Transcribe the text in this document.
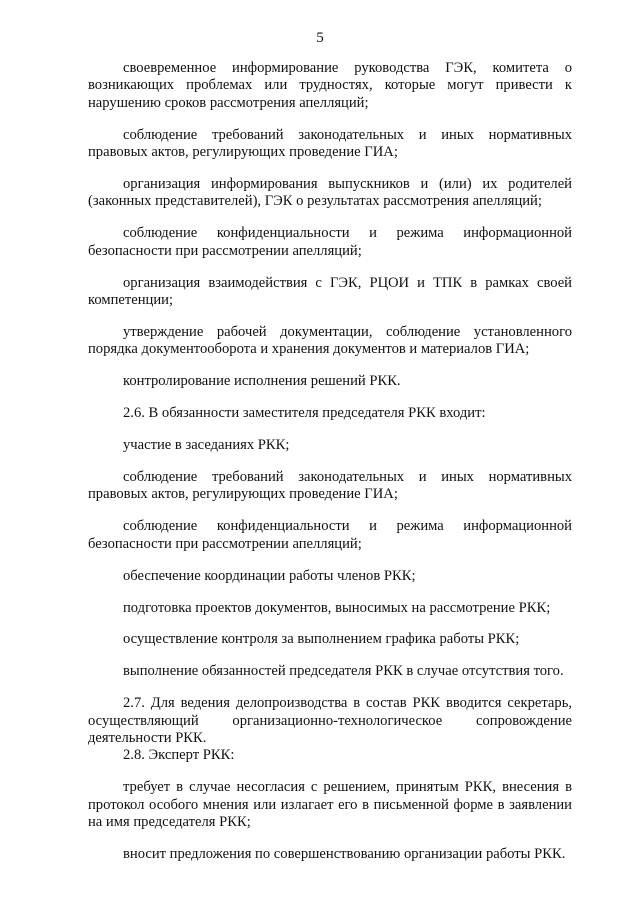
5

своевременное информирование руководства ГЭК, комитета о возникающих проблемах или трудностях, которые могут привести к нарушению сроков рассмотрения апелляций;

соблюдение требований законодательных и иных нормативных правовых актов, регулирующих проведение ГИА;

организация информирования выпускников и (или) их родителей (законных представителей), ГЭК о результатах рассмотрения апелляций;

соблюдение конфиденциальности и режима информационной безопасности при рассмотрении апелляций;

организация взаимодействия с ГЭК, РЦОИ и ТПК в рамках своей компетенции;

утверждение рабочей документации, соблюдение установленного порядка документооборота и хранения документов и материалов ГИА;

контролирование исполнения решений РКК.

2.6. В обязанности заместителя председателя РКК входит:

участие в заседаниях РКК;

соблюдение требований законодательных и иных нормативных правовых актов, регулирующих проведение ГИА;

соблюдение конфиденциальности и режима информационной безопасности при рассмотрении апелляций;

обеспечение координации работы членов РКК;

подготовка проектов документов, выносимых на рассмотрение РКК;

осуществление контроля за выполнением графика работы РКК;

выполнение обязанностей председателя РКК в случае отсутствия того.

2.7. Для ведения делопроизводства в состав РКК вводится секретарь, осуществляющий организационно-технологическое сопровождение деятельности РКК.

2.8. Эксперт РКК:

требует в случае несогласия с решением, принятым РКК, внесения в протокол особого мнения или излагает его в письменной форме в заявлении на имя председателя РКК;

вносит предложения по совершенствованию организации работы РКК.
